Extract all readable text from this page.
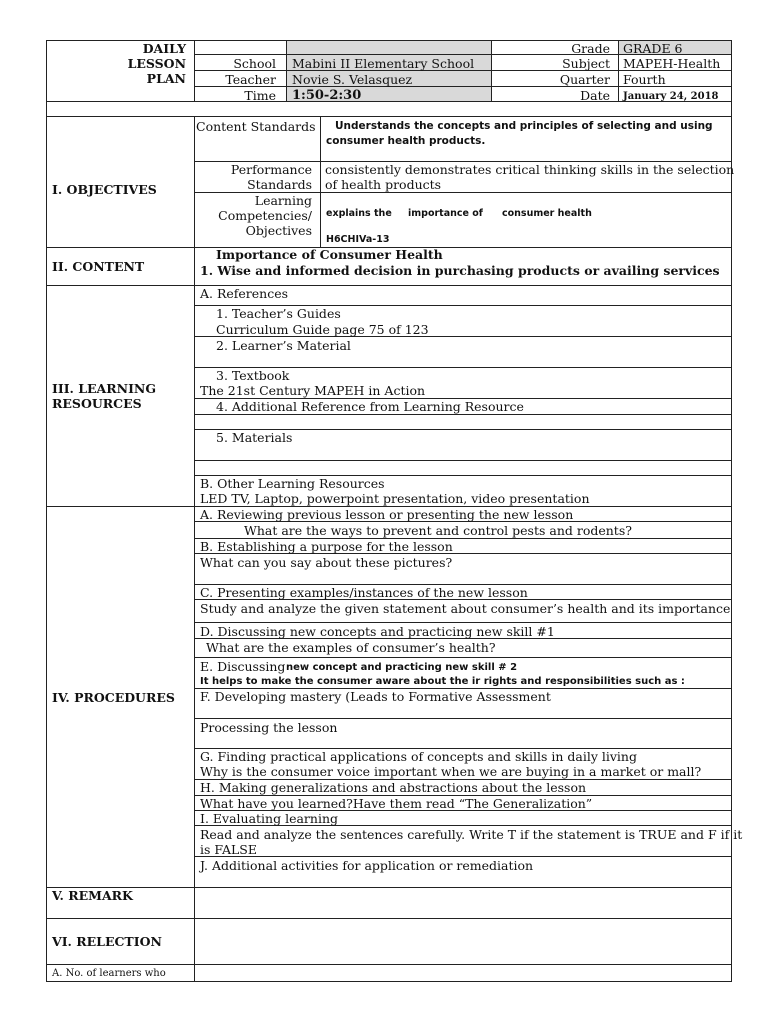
DAILY
LESSON
PLAN
School
Teacher
Time
Mabini II Elementary School
Novie S. Velasquez
1:50-2:30
Grade
Subject
Quarter
Date
GRADE 6
MAPEH-Health
Fourth
January 24, 2018
I. OBJECTIVES
Content Standards Understands the concepts and principles of selecting and using
consumer health products.
Performance
Standards
consistently demonstrates critical thinking skills in the selection
of health products
Learning
Competencies/
Objectives
explains the importance of consumer health
H6CHIVa-13
II. CONTENT
Importance of Consumer Health
1. Wise and informed decision in purchasing products or availing services
III. LEARNING
RESOURCES
A. References
1. Teacher’s Guides
Curriculum Guide page 75 of 123
2. Learner’s Material
3. Textbook
The 21st Century MAPEH in Action
4. Additional Reference from Learning Resource
5. Materials
B. Other Learning Resources
LED TV, Laptop, powerpoint presentation, video presentation
IV. PROCEDURES
A. Reviewing previous lesson or presenting the new lesson
What are the ways to prevent and control pests and rodents?
B. Establishing a purpose for the lesson
What can you say about these pictures?
C. Presenting examples/instances of the new lesson
Study and analyze the given statement about consumer’s health and its importance
D. Discussing new concepts and practicing new skill #1
What are the examples of consumer’s health?
E. Discussing new concept and practicing new skill # 2
It helps to make the consumer aware about the ir rights and responsibilities such as :
F. Developing mastery (Leads to Formative Assessment
Processing the lesson
G. Finding practical applications of concepts and skills in daily living
Why is the consumer voice important when we are buying in a market or mall?
H. Making generalizations and abstractions about the lesson
What have you learned?Have them read “The Generalization”
I. Evaluating learning
Read and analyze the sentences carefully. Write T if the statement is TRUE and F if it
is FALSE
J. Additional activities for application or remediation
V. REMARK
VI. RELECTION
A. No. of learners who
